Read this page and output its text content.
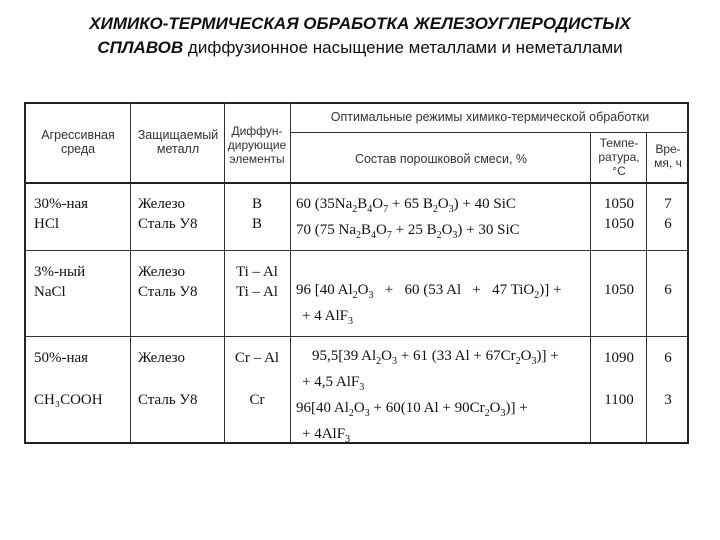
ХИМИКО-ТЕРМИЧЕСКАЯ ОБРАБОТКА ЖЕЛЕЗОУГЛЕРОДИСТЫХ
СПЛАВОВ диффузионное насыщение металлами и неметаллами
Агрессивная
среда
Защищаемый
металл
Диффун-
дирующие
элементы
Оптимальные режимы химико-термической обработки
Состав порошковой смеси, %
Темпе-
ратура,
°С
Вре-
мя, ч
30%-ная
HCl
Железо
Сталь У8
B
B
60 ($35Na_2B_4O_7 + 65$ $B_2O_3) + 40$ SiC
70 (75 $Na_2B_4O_7 + 25$ $B_2O_3) + 30$ SiC
1050
1050
7
6
3%-ный
NaCl
Железо
Сталь У8
Ti – Al
Ti – Al	96 [40 $Al_2O_3 + 60$ (53 Al   +   47 TiO$_2$)] +
+ 4 AlF$_3$
1050	6
50%-ная
CH₃COOH
Железо
Сталь У8
Cr – Al
Cr
95,5[39 $Al_2O_3 + 61$ (33 $Al + 67Cr_2O_3$)] +
+ 4,5 AlF$_3$
96[40 $Al_2O_3 + 60(10$ $Al + 90Cr_2O_3$)] +
+ 4AlF$_3$
1090
1100
6
3
